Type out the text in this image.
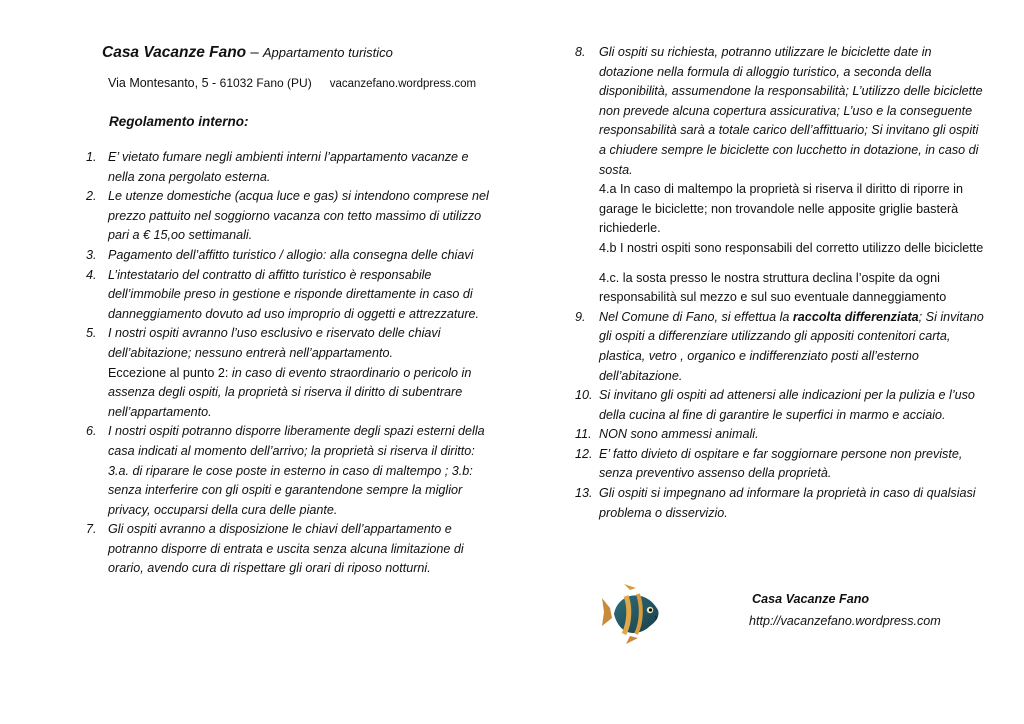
Casa Vacanze Fano – Appartamento turistico
Via Montesanto, 5 - 61032 Fano (PU) vacanzefano.wordpress.com
Regolamento interno:
1. E’ vietato fumare negli ambienti interni l’appartamento vacanze e nella zona pergolato esterna.
2. Le utenze domestiche (acqua luce e gas) si intendono comprese nel prezzo pattuito nel soggiorno vacanza con tetto massimo di utilizzo pari a € 15,oo settimanali.
3. Pagamento dell’affitto turistico / allogio: alla consegna delle chiavi
4. L’intestatario del contratto di affitto turistico è responsabile dell’immobile preso in gestione e risponde direttamente in caso di danneggiamento dovuto ad uso improprio di oggetti e attrezzature.
5. I nostri ospiti avranno l’uso esclusivo e riservato delle chiavi dell’abitazione; nessuno entrerà nell’appartamento.
Eccezione al punto 2: in caso di evento straordinario o pericolo in assenza degli ospiti, la proprietà si riserva il diritto di subentrare nell’appartamento.
6. I nostri ospiti potranno disporre liberamente degli spazi esterni della casa indicati al momento dell’arrivo; la proprietà si riserva il diritto: 3.a. di riparare le cose poste in esterno in caso di maltempo ; 3.b: senza interferire con gli ospiti e garantendone sempre la miglior privacy, occuparsi della cura delle piante.
7. Gli ospiti avranno a disposizione le chiavi dell’appartamento e potranno disporre di entrata e uscita senza alcuna limitazione di orario, avendo cura di rispettare gli orari di riposo notturni.
8. Gli ospiti su richiesta, potranno utilizzare le biciclette date in dotazione nella formula di alloggio turistico, a seconda della disponibilità, assumendone la responsabilità; L’utilizzo delle biciclette non prevede alcuna copertura assicurativa; L’uso e la conseguente responsabilità sarà a totale carico dell’affittuario; Si invitano gli ospiti a chiudere sempre le biciclette con lucchetto in dotazione, in caso di sosta.
4.a In caso di maltempo la proprietà si riserva il diritto di riporre in garage le biciclette; non trovandole nelle apposite griglie basterà richiederle.
4.b I nostri ospiti sono responsabili del corretto utilizzo delle biciclette
4.c. la sosta presso le nostra struttura declina l’ospite da ogni responsabilità sul mezzo e sul suo eventuale danneggiamento
9. Nel Comune di Fano, si effettua la raccolta differenziata; Si invitano gli ospiti a differenziare utilizzando gli appositi contenitori carta, plastica, vetro , organico e indifferenziato posti all’esterno dell’abitazione.
10. Si invitano gli ospiti ad attenersi alle indicazioni per la pulizia e l’uso della cucina al fine di garantire le superfici in marmo e acciaio.
11. NON sono ammessi animali.
12. E’ fatto divieto di ospitare e far soggiornare persone non previste, senza preventivo assenso della proprietà.
13. Gli ospiti si impegnano ad informare la proprietà in caso di qualsiasi problema o disservizio.
Casa Vacanze Fano
http://vacanzefano.wordpress.com
